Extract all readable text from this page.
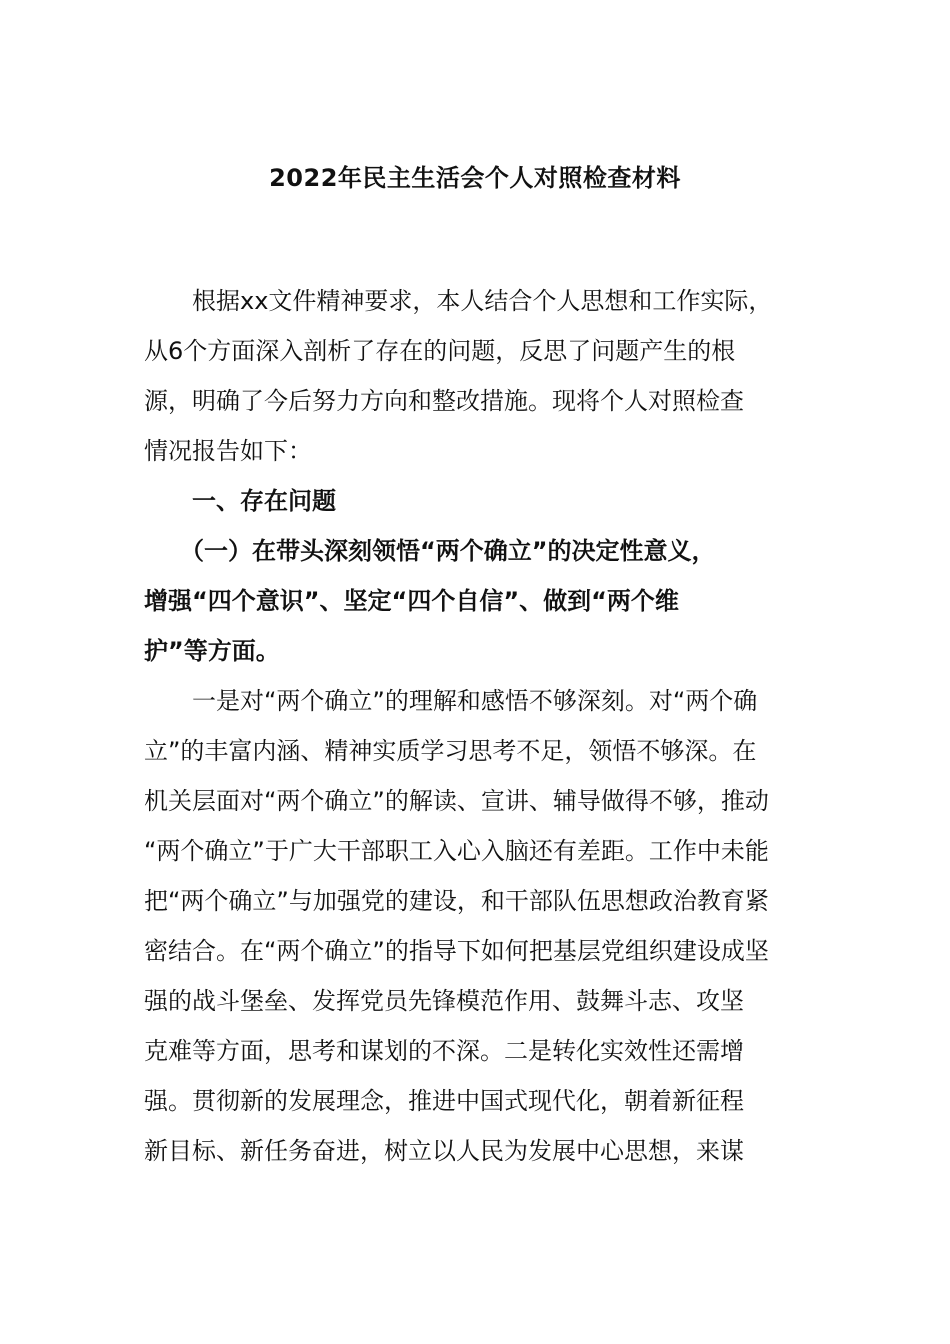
2022年民主生活会个人对照检查材料
　　根据xx文件精神要求，本人结合个人思想和工作实际，
从6个方面深入剖析了存在的问题，反思了问题产生的根
源，明确了今后努力方向和整改措施。现将个人对照检查
情况报告如下：
　　一、存在问题
　　（一）在带头深刻领悟“两个确立”的决定性意义，
增强“四个意识”、坚定“四个自信”、做到“两个维
护”等方面。
　　一是对“两个确立”的理解和感悟不够深刻。对“两个确
立”的丰富内涵、精神实质学习思考不足，领悟不够深。在
机关层面对“两个确立”的解读、宣讲、辅导做得不够，推动
“两个确立”于广大干部职工入心入脑还有差距。工作中未能
把“两个确立”与加强党的建设，和干部队伍思想政治教育紧
密结合。在“两个确立”的指导下如何把基层党组织建设成坚
强的战斗堡垒、发挥党员先锋模范作用、鼓舞斗志、攻坚
克难等方面，思考和谋划的不深。二是转化实效性还需增
强。贯彻新的发展理念，推进中国式现代化，朝着新征程
新目标、新任务奋进，树立以人民为发展中心思想，来谋
